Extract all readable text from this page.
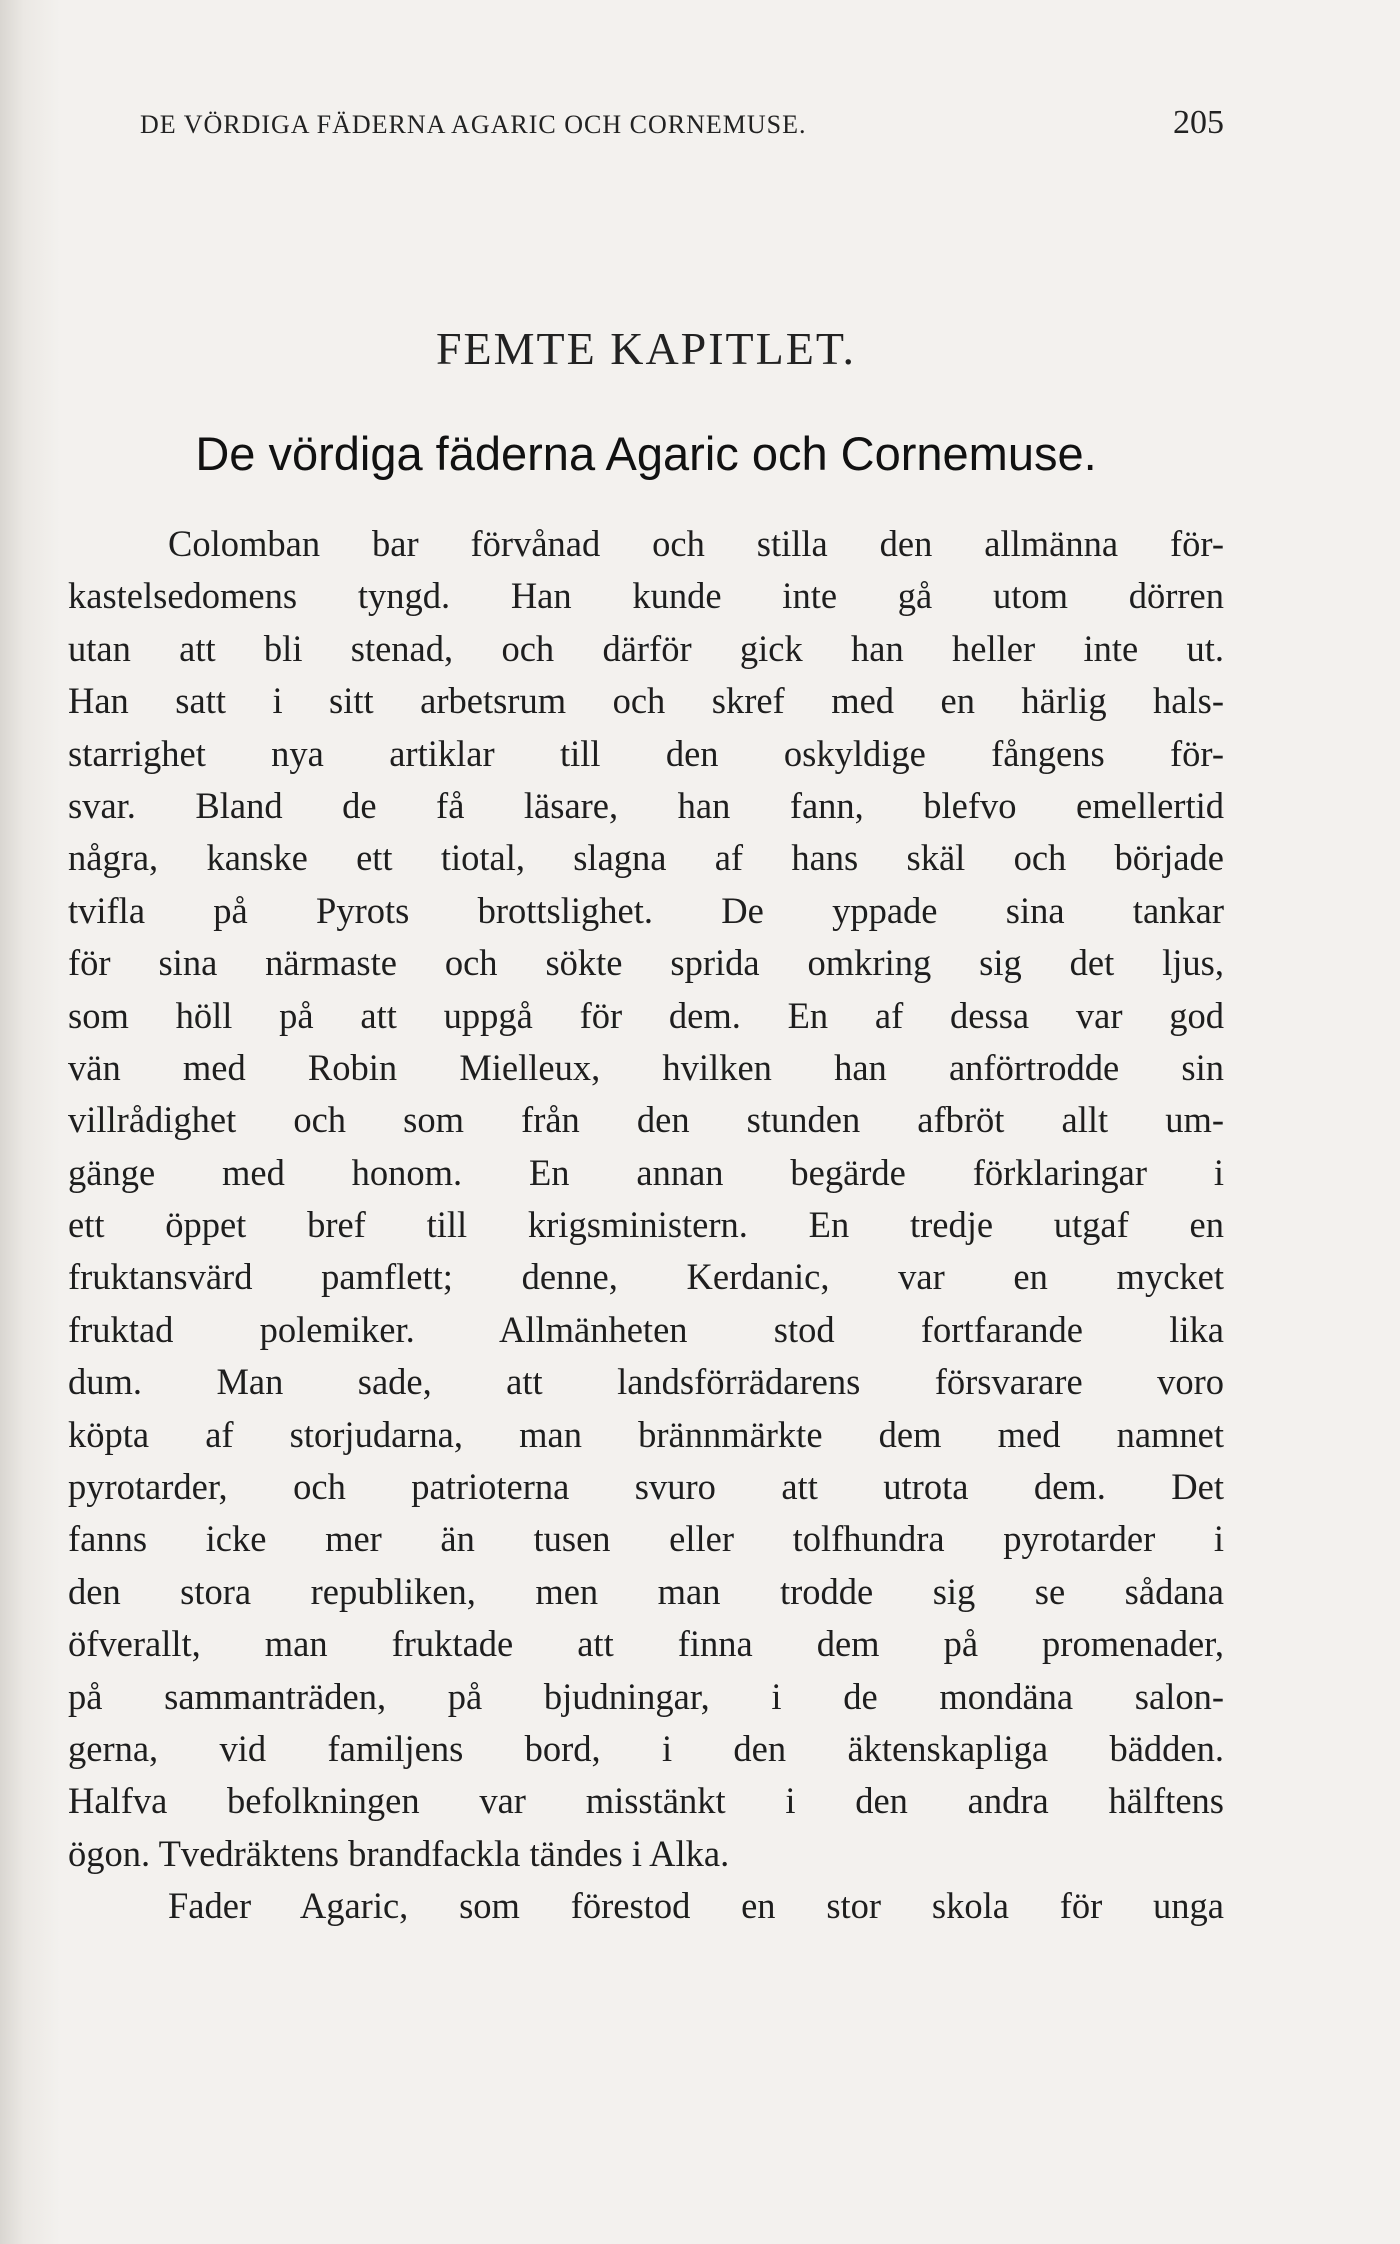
DE VÖRDIGA FÄDERNA AGARIC OCH CORNEMUSE.	205
FEMTE KAPITLET.
De vördiga fäderna Agaric och Cornemuse.
Colomban bar förvånad och stilla den allmänna för-
kastelsedomens tyngd. Han kunde inte gå utom dörren
utan att bli stenad, och därför gick han heller inte ut.
Han satt i sitt arbetsrum och skref med en härlig hals-
starrighet nya artiklar till den oskyldige fångens för-
svar. Bland de få läsare, han fann, blefvo emellertid
några, kanske ett tiotal, slagna af hans skäl och började
tvifla på Pyrots brottslighet. De yppade sina tankar
för sina närmaste och sökte sprida omkring sig det ljus,
som höll på att uppgå för dem. En af dessa var god
vän med Robin Mielleux, hvilken han anförtrodde sin
villrådighet och som från den stunden afbröt allt um-
gänge med honom. En annan begärde förklaringar i
ett öppet bref till krigsministern. En tredje utgaf en
fruktansvärd pamflett; denne, Kerdanic, var en mycket
fruktad polemiker. Allmänheten stod fortfarande lika
dum. Man sade, att landsförrädarens försvarare voro
köpta af storjudarna, man brännmärkte dem med namnet
pyrotarder, och patrioterna svuro att utrota dem. Det
fanns icke mer än tusen eller tolfhundra pyrotarder i
den stora republiken, men man trodde sig se sådana
öfverallt, man fruktade att finna dem på promenader,
på sammanträden, på bjudningar, i de mondäna salon-
gerna, vid familjens bord, i den äktenskapliga bädden.
Halfva befolkningen var misstänkt i den andra hälftens
ögon. Tvedräktens brandfackla tändes i Alka.
Fader Agaric, som förestod en stor skola för unga
